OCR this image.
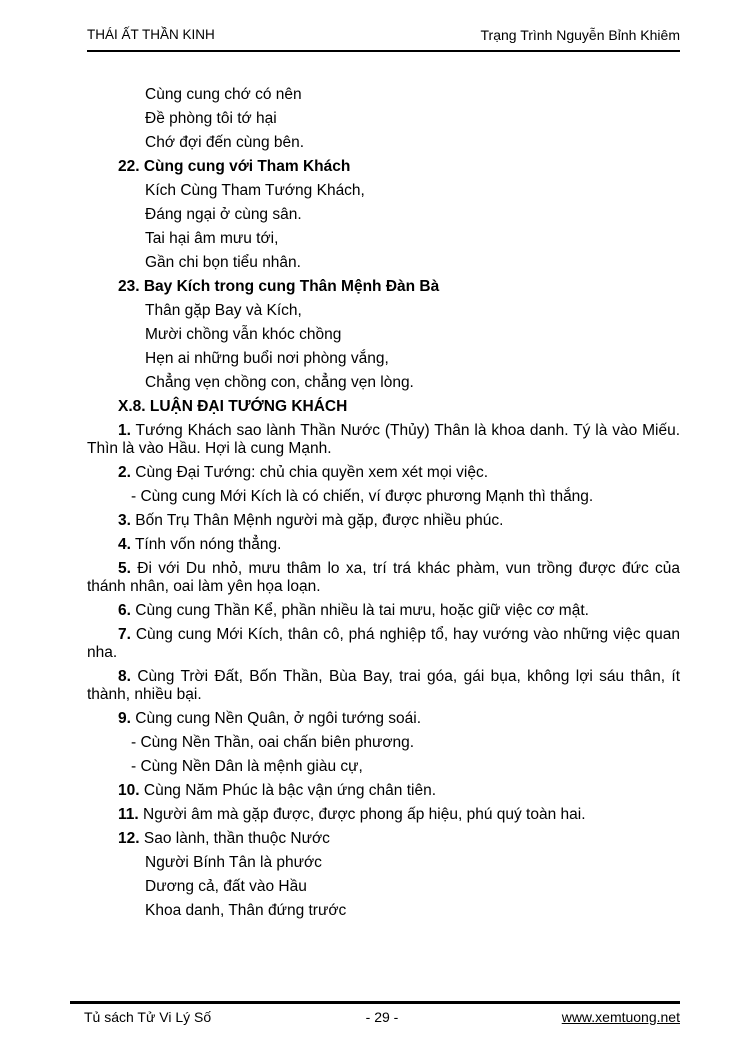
THÁI ẤT THẦN KINH	Trạng Trình Nguyễn Bỉnh Khiêm

Cùng cung chớ có nên

Đề phòng tôi tớ hại

Chớ đợi đến cùng bên.

22. Cùng cung với Tham Khách

Kích Cùng Tham Tướng Khách,

Đáng ngại ở cùng sân.

Tai hại âm mưu tới,

Gần chi bọn tiểu nhân.

23. Bay Kích trong cung Thân Mệnh Đàn Bà

Thân gặp Bay và Kích,

Mười chồng vẫn khóc chồng

Hẹn ai những buổi nơi phòng vắng,

Chẳng vẹn chồng con, chẳng vẹn lòng.

X.8. LUẬN ĐẠI TƯỚNG KHÁCH

1. Tướng Khách sao lành Thần Nước (Thủy) Thân là khoa danh. Tý là vào Miếu. Thìn là vào Hầu. Hợi là cung Mạnh.

2. Cùng Đại Tướng: chủ chia quyền xem xét mọi việc.

- Cùng cung Mới Kích là có chiến, ví được phương Mạnh thì thắng.

3. Bốn Trụ Thân Mệnh người mà gặp, được nhiều phúc.

4. Tính vốn nóng thẳng.

5. Đi với Du nhỏ, mưu thâm lo xa, trí trá khác phàm, vun trồng được đức của thánh nhân, oai làm yên họa loạn.

6. Cùng cung Thần Kể, phần nhiều là tai mưu, hoặc giữ việc cơ mật.

7. Cùng cung Mới Kích, thân cô, phá nghiệp tổ, hay vướng vào những việc quan nha.

8. Cùng Trời Đất, Bốn Thần, Bùa Bay, trai góa, gái bụa, không lợi sáu thân, ít thành, nhiều bại.

9. Cùng cung Nền Quân, ở ngôi tướng soái.

- Cùng Nền Thần, oai chấn biên phương.

- Cùng Nền Dân là mệnh giàu cự,

10. Cùng Năm Phúc là bậc vận ứng chân tiên.

11. Người âm mà gặp được, được phong ấp hiệu, phú quý toàn hai.

12. Sao lành, thần thuộc Nước

Người Bính Tân là phước

Dương cả, đất vào Hầu

Khoa danh, Thân đứng trước

Tủ sách Tử Vi Lý Số	- 29 -	www.xemtuong.net
